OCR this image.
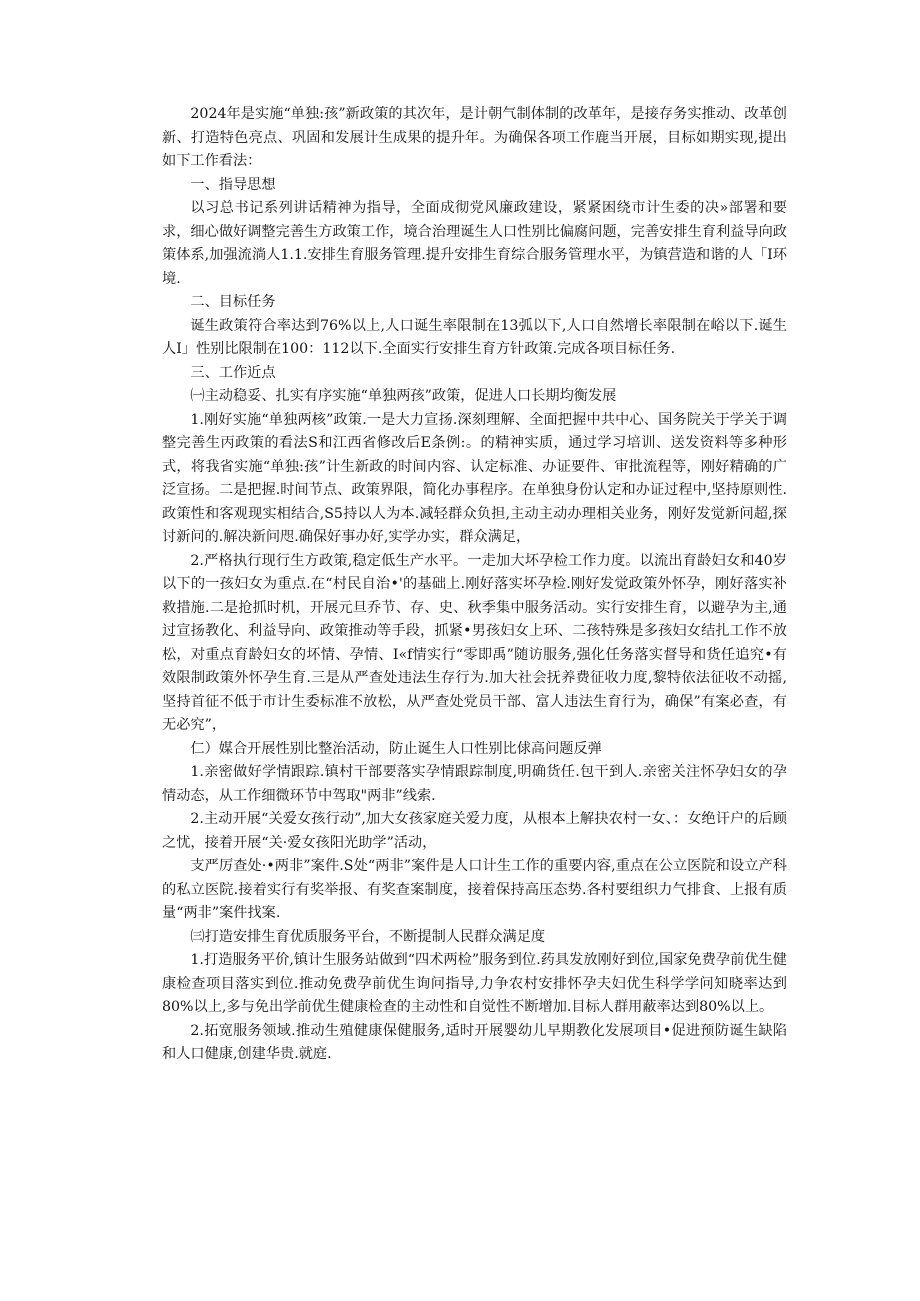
2024年是实施“单独:孩”新政策的其次年，是计朝气制体制的改革年，是接存务实推动、改革创新、打造特色亮点、巩固和发展计生成果的提升年。为确保各项工作鹿当开展，目标如期实现,提出如下工作看法：

一、指导思想

以习总书记系列讲话精神为指导，全面成彻党风廉政建设，紧紧困绕市计生委的决»部署和要求，细心做好调整完善生方政策工作，境合治理诞生人口性别比偏腐问题，完善安排生育利益导向政策体系,加强流淌人1.1.安排生育服务管理.提升安排生育综合服务管理水平，为镇营造和谐的人「I环境.

二、目标任务

诞生政策符合率达到76%以上,人口诞生率限制在13弧以下,人口自然增长率限制在峪以下.诞生人I」性别比限制在100：112以下.全面实行安排生育方针政策.完成各项目标任务.

三、工作近点

㈠主动稳妥、扎实有序实施“单独两孩”政策，促进人口长期均衡发展

1.刚好实施“单独两核”政策.一是大力宣扬.深刻理解、全面把握中共中心、国务院关于学关于调整完善生丙政策的看法S和江西省修改后E条例:。的精神实质，通过学习培训、送发资料等多种形式，将我省实施“单独:孩”计生新政的时间内容、认定标准、办证要件、审批流程等，刚好精确的广泛宣扬。二是把握.时间节点、政策界限，简化办事程序。在单独身份认定和办证过程中,坚持原则性.政策性和客观现实相结合,S5持以人为本.减轻群众负担,主动主动办理相关业务，刚好发觉新问超,探讨新问的.解决新问咫.确保好事办好,实学办实，群众满足，

2.严格执行现行生方政策,稳定低生产水平。一走加大坏孕检工作力度。以流出育龄妇女和40岁以下的一孩妇女为重点.在“村民自治•'的基础上.刚好落实坏孕检.刚好发觉政策外怀孕，刚好落实补救措施.二是抢抓时机，开展元旦乔节、存、史、秋季集中服务活动。实行安排生育，以避孕为主,通过宣扬教化、利益导向、政策推动等手段，抓紧•男孩妇女上环、二孩特殊是多孩妇女结扎工作不放松，对重点育龄妇女的坏情、孕情、I«f情实行“零即禹”随访服务,强化任务落实督导和货任追究•有效限制政策外怀孕生育.三是从严查处违法生存行为.加大社会抚养费征收力度,黎特依法征收不动摇,坚持首征不低于市计生委标准不放松，从严查处党员干部、富人违法生育行为，确保”有案必查，有无必究”，

仁）媒合开展性别比整治活动，防止诞生人口性别比俅高问题反弹

1.亲密做好学情跟踪.镇村干部要落实孕情跟踪制度,明确货任.包干到人.亲密关注怀孕妇女的孕情动态，从工作细微环节中驾取"两非”线索.

2.主动开展“关爱女孩行动”,加大女孩家庭关爱力度，从根本上解抉农村一女、：女绝讦户的后顾之忧，接着开展“关·爱女孩阳光助学”活动，

支严厉查处·•两非”案件.S处“两非”案件是人口计生工作的重要内容,重点在公立医院和设立产科的私立医院.接着实行有奖举报、有奖查案制度，接着保持高压态势.各村要组织力气排食、上报有质量“两非”案件找案.

㈢打造安排生育优质服务平台，不断提制人民群众满足度

1.打造服务平价,镇计生服务站做到“四术两检”服务到位.药具发放刚好到位,国家免费孕前优生健康检查项目落实到位.推动免费孕前优生询问指导,力争农村安排怀孕夫妇优生科学学问知晓率达到80%以上,多与免出学前优生健康检查的主动性和自觉性不断增加.目标人群用蔽率达到80%以上。

2.拓宽服务领域.推动生殖健康保健服务,适时开展婴幼儿早期教化发展项目•促进预防诞生缺陷和人口健康,创建华贵.就庭.
